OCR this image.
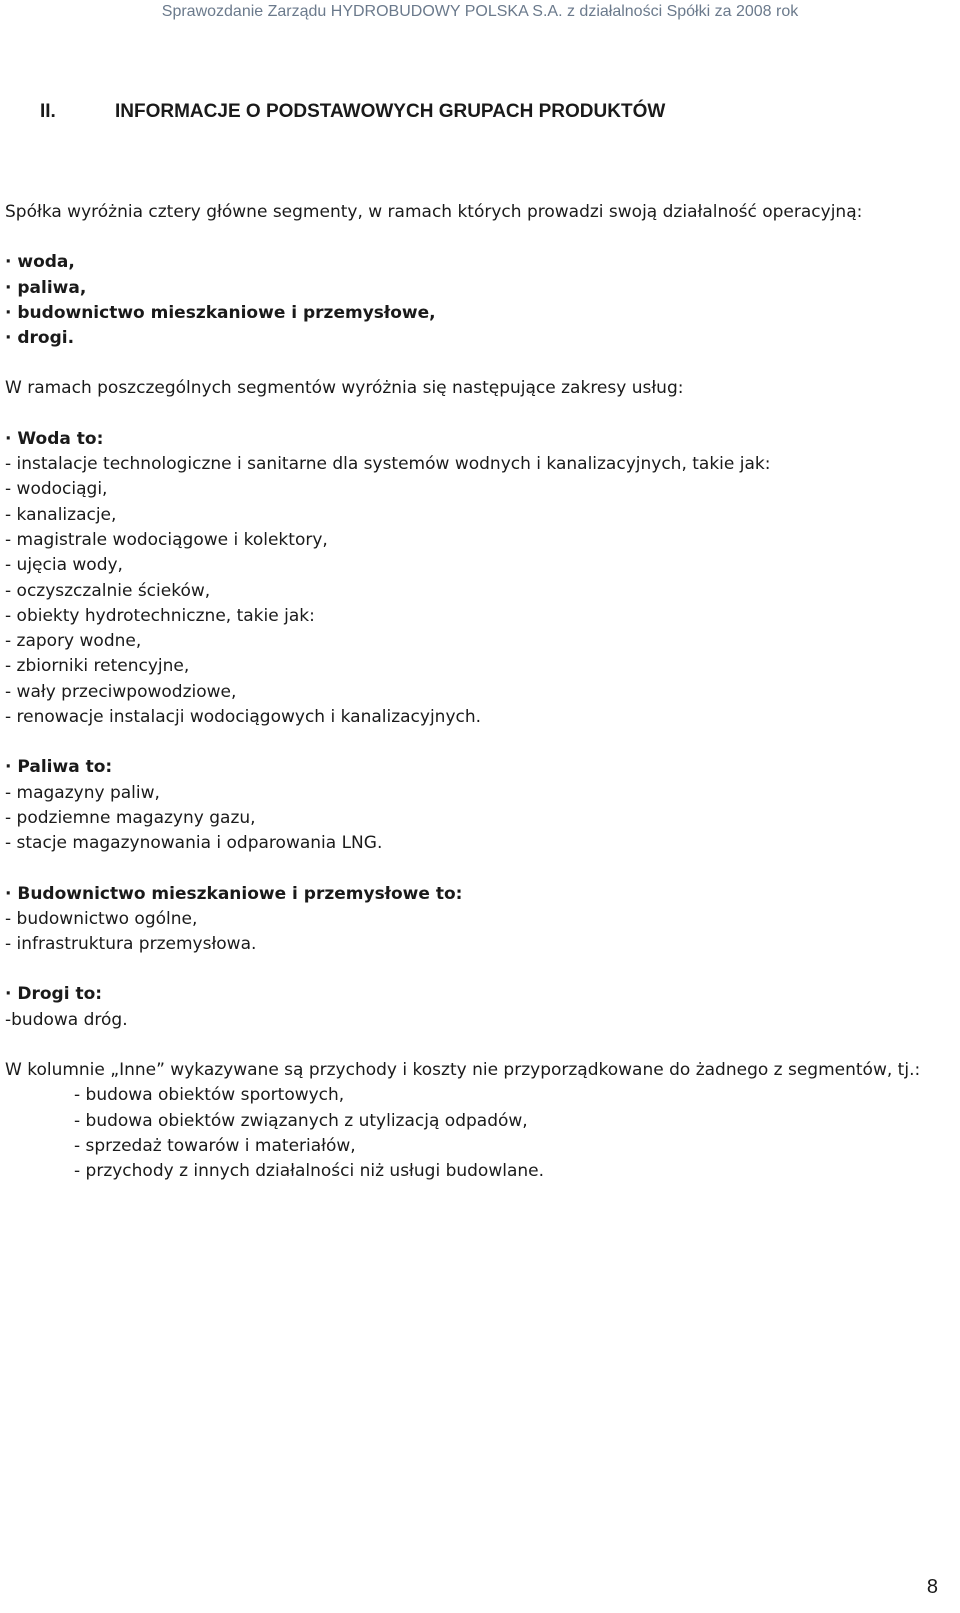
Sprawozdanie Zarządu HYDROBUDOWY POLSKA S.A. z działalności Spółki za 2008 rok
II.	INFORMACJE O PODSTAWOWYCH GRUPACH PRODUKTÓW

Spółka wyróżnia cztery główne segmenty, w ramach których prowadzi swoją działalność operacyjną:

· woda,

· paliwa,

· budownictwo mieszkaniowe i przemysłowe,

· drogi.

W ramach poszczególnych segmentów wyróżnia się następujące zakresy usług:

· Woda to:

- instalacje technologiczne i sanitarne dla systemów wodnych i kanalizacyjnych, takie jak:

- wodociągi,

- kanalizacje,

- magistrale wodociągowe i kolektory,

- ujęcia wody,

- oczyszczalnie ścieków,

- obiekty hydrotechniczne, takie jak:

- zapory wodne,

- zbiorniki retencyjne,

- wały przeciwpowodziowe,

- renowacje instalacji wodociągowych i kanalizacyjnych.

· Paliwa to:

- magazyny paliw,

- podziemne magazyny gazu,

- stacje magazynowania i odparowania LNG.

· Budownictwo mieszkaniowe i przemysłowe to:

- budownictwo ogólne,

- infrastruktura przemysłowa.

· Drogi to:

-budowa dróg.

W kolumnie „Inne” wykazywane są przychody i koszty nie przyporządkowane do żadnego z segmentów, tj.:

- budowa obiektów sportowych,

- budowa obiektów związanych z utylizacją odpadów,

- sprzedaż towarów i materiałów,

- przychody z innych działalności niż usługi budowlane.

8
